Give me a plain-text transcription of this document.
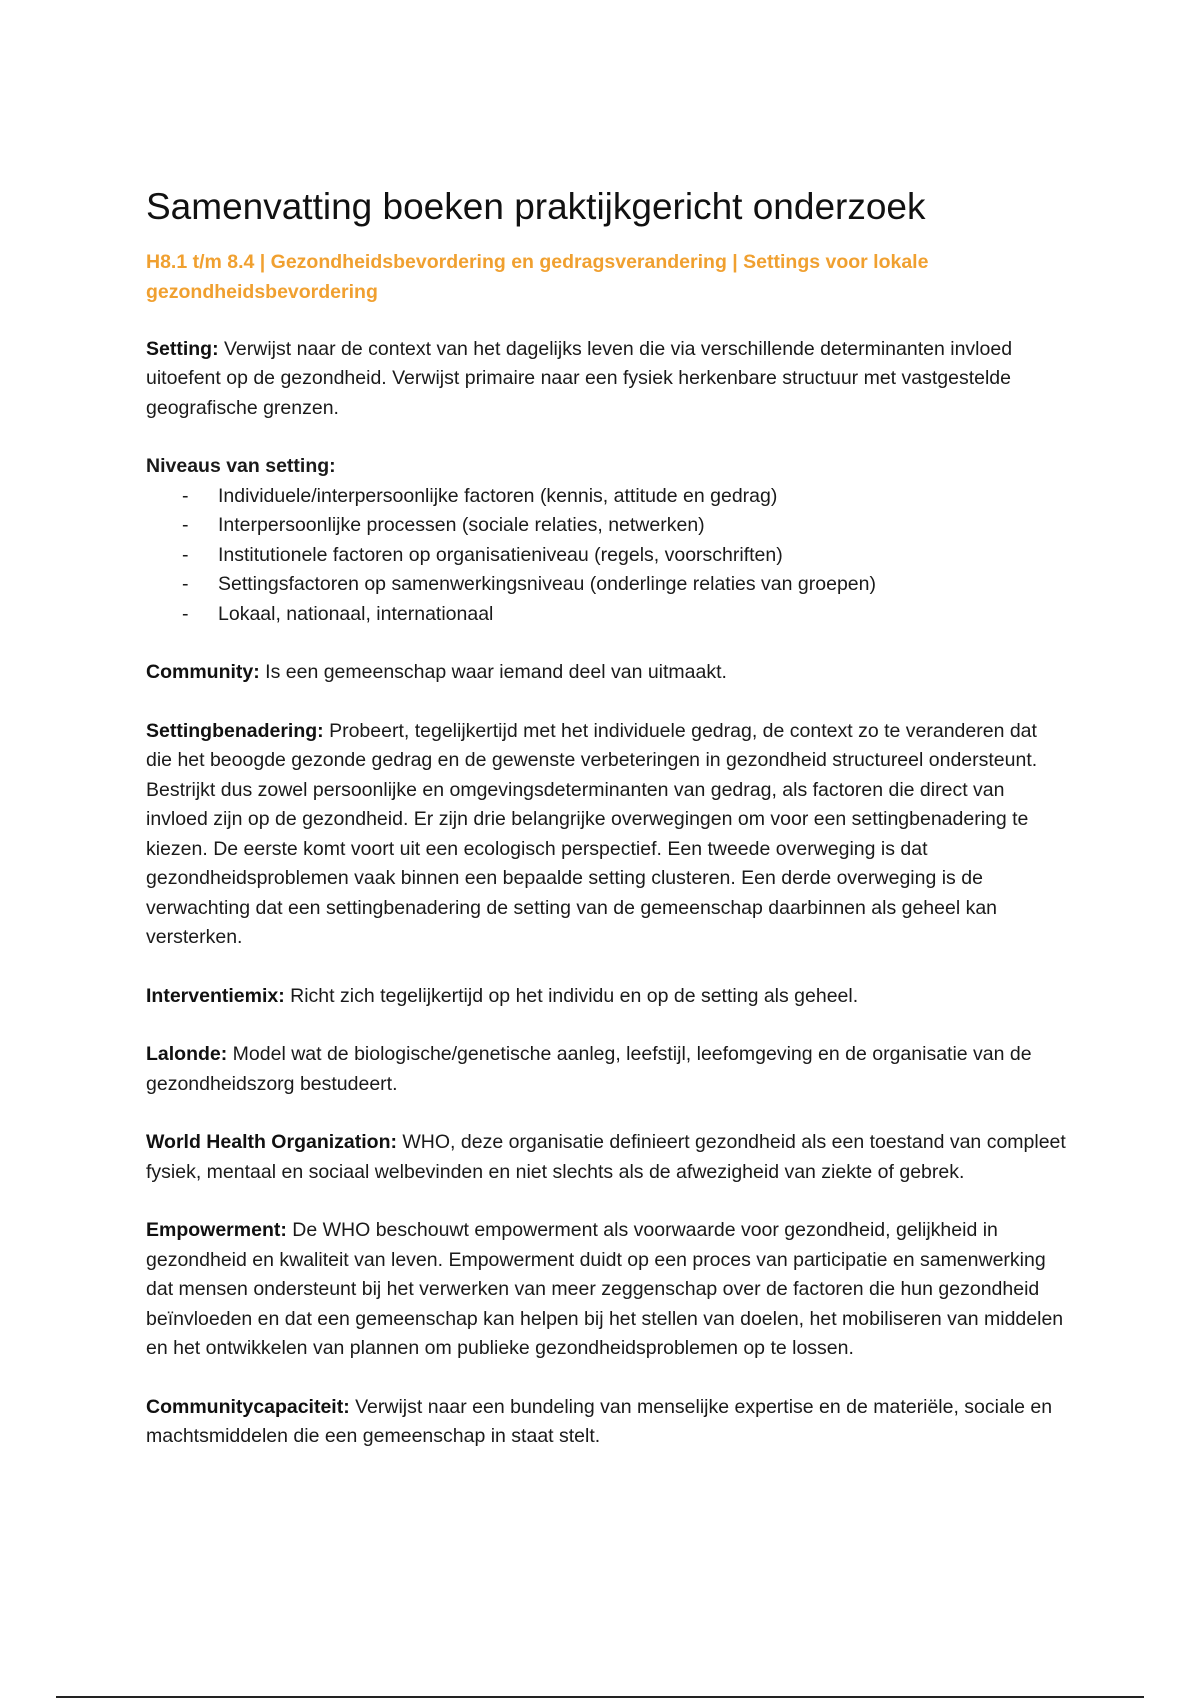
Samenvatting boeken praktijkgericht onderzoek
H8.1 t/m 8.4 | Gezondheidsbevordering en gedragsverandering | Settings voor lokale gezondheidsbevordering

Setting: Verwijst naar de context van het dagelijks leven die via verschillende determinanten invloed uitoefent op de gezondheid. Verwijst primaire naar een fysiek herkenbare structuur met vastgestelde geografische grenzen.

Niveaus van setting:
- Individuele/interpersoonlijke factoren (kennis, attitude en gedrag)
- Interpersoonlijke processen (sociale relaties, netwerken)
- Institutionele factoren op organisatieniveau (regels, voorschriften)
- Settingsfactoren op samenwerkingsniveau (onderlinge relaties van groepen)
- Lokaal, nationaal, internationaal

Community: Is een gemeenschap waar iemand deel van uitmaakt.

Settingbenadering: Probeert, tegelijkertijd met het individuele gedrag, de context zo te veranderen dat die het beoogde gezonde gedrag en de gewenste verbeteringen in gezondheid structureel ondersteunt. Bestrijkt dus zowel persoonlijke en omgevingsdeterminanten van gedrag, als factoren die direct van invloed zijn op de gezondheid. Er zijn drie belangrijke overwegingen om voor een settingbenadering te kiezen. De eerste komt voort uit een ecologisch perspectief. Een tweede overweging is dat gezondheidsproblemen vaak binnen een bepaalde setting clusteren. Een derde overweging is de verwachting dat een settingbenadering de setting van de gemeenschap daarbinnen als geheel kan versterken.

Interventiemix: Richt zich tegelijkertijd op het individu en op de setting als geheel.

Lalonde: Model wat de biologische/genetische aanleg, leefstijl, leefomgeving en de organisatie van de gezondheidszorg bestudeert.

World Health Organization: WHO, deze organisatie definieert gezondheid als een toestand van compleet fysiek, mentaal en sociaal welbevinden en niet slechts als de afwezigheid van ziekte of gebrek.

Empowerment: De WHO beschouwt empowerment als voorwaarde voor gezondheid, gelijkheid in gezondheid en kwaliteit van leven. Empowerment duidt op een proces van participatie en samenwerking dat mensen ondersteunt bij het verwerken van meer zeggenschap over de factoren die hun gezondheid beïnvloeden en dat een gemeenschap kan helpen bij het stellen van doelen, het mobiliseren van middelen en het ontwikkelen van plannen om publieke gezondheidsproblemen op te lossen.

Communitycapaciteit: Verwijst naar een bundeling van menselijke expertise en de materiële, sociale en machtsmiddelen die een gemeenschap in staat stelt.
